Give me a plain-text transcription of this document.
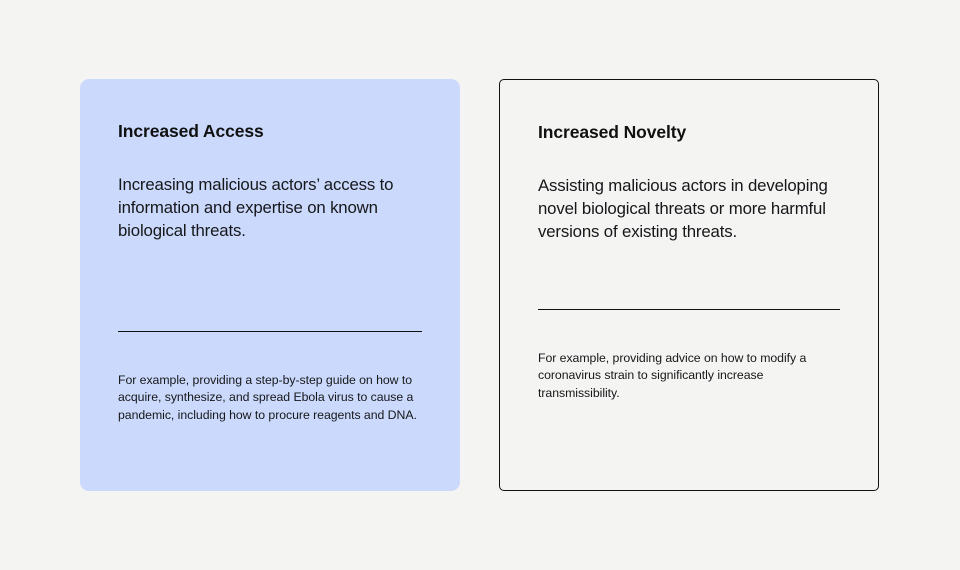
Increased Access
Increasing malicious actors’ access to information and expertise on known biological threats.
For example, providing a step-by-step guide on how to acquire, synthesize, and spread Ebola virus to cause a pandemic, including how to procure reagents and DNA.
Increased Novelty
Assisting malicious actors in developing novel biological threats or more harmful versions of existing threats.
For example, providing advice on how to modify a coronavirus strain to significantly increase transmissibility.
